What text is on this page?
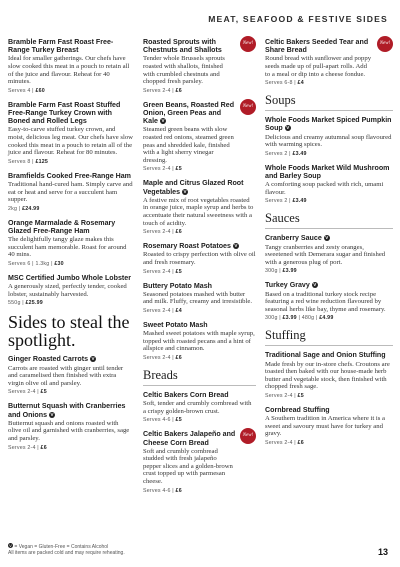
MEAT, SEAFOOD & FESTIVE SIDES
Bramble Farm Fast Roast Free-Range Turkey Breast
Ideal for smaller gatherings. Our chefs have slow cooked this meat in a pouch to retain all of the juice and flavour. Reheat for 40 minutes.
Serves 4 | £60
Bramble Farm Fast Roast Stuffed Free-Range Turkey Crown with Boned and Rolled Legs
Easy-to-carve stuffed turkey crown, and moist, delicious leg meat. Our chefs have slow cooked this meat in a pouch to retain all of the juice and flavour. Reheat for 80 minutes.
Serves 8 | £125
Bramfields Cooked Free-Range Ham
Traditional hand-cured ham. Simply carve and eat or heat and serve for a succulent ham supper.
2kg | £24.99
Orange Marmalade & Rosemary Glazed Free-Range Ham
The delightfully tangy glaze makes this succulent ham memorable. Roast for around 40 mins.
Serves 6 | 1.3kg | £30
MSC Certified Jumbo Whole Lobster
A generously sized, perfectly tender, cooked lobster, sustainably harvested.
550g | £25.99
Sides to steal the spotlight.
Ginger Roasted Carrots V
Carrots are roasted with ginger until tender and caramelised then finished with extra virgin olive oil and parsley.
Serves 2-4 | £5
Butternut Squash with Cranberries and Onions V
Butternut squash and onions roasted with olive oil and garnished with cranberries, sage and parsley.
Serves 2-4 | £6
New!
Roasted Sprouts with Chestnuts and Shallots
Tender whole Brussels sprouts roasted with shallots, finished with crumbled chestnuts and chopped fresh parsley.
Serves 2-4 | £6
New!
Green Beans, Roasted Red Onion, Green Peas and Kale V
Steamed green beans with slow roasted red onions, steamed green peas and shredded kale, finished with a light sherry vinegar dressing.
Serves 2-4 | £5
Maple and Citrus Glazed Root Vegetables V
A festive mix of root vegetables roasted in orange juice, maple syrup and herbs to accentuate their natural sweetness with a touch of acidity.
Serves 2-4 | £6
Rosemary Roast Potatoes V
Roasted to crispy perfection with olive oil and fresh rosemary.
Serves 2-4 | £5
Buttery Potato Mash
Seasoned potatoes mashed with butter and milk. Fluffy, creamy and irresistible.
Serves 2-4 | £4
Sweet Potato Mash
Mashed sweet potatoes with maple syrup, topped with roasted pecans and a hint of allspice and cinnamon.
Serves 2-4 | £6
Breads
Celtic Bakers Corn Bread
Soft, tender and crumbly cornbread with a crispy golden-brown crust.
Serves 4-6 | £5
New!
Celtic Bakers Jalapeño and Cheese Corn Bread
Soft and crumbly cornbread studded with fresh jalapeño pepper slices and a golden-brown crust topped up with parmesan cheese.
Serves 4-6 | £6
New!
Celtic Bakers Seeded Tear and Share Bread
Round bread with sunflower and poppy seeds made up of pull-apart rolls. Add to a meal or dip into a cheese fondue.
Serves 6-8 | £4
Soups
Whole Foods Market Spiced Pumpkin Soup V
Delicious and creamy autumnal soup flavoured with warming spices.
Serves 2 | £3.49
Whole Foods Market Wild Mushroom and Barley Soup
A comforting soup packed with rich, umami flavour.
Serves 2 | £3.49
Sauces
Cranberry Sauce V
Tangy cranberries and zesty oranges, sweetened with Demerara sugar and finished with a generous plug of port.
300g | £3.99
Turkey Gravy V
Based on a traditional turkey stock recipe featuring a red wine reduction flavoured by seasonal herbs like bay, thyme and rosemary.
300g | £3.99 | 480g | £4.99
Stuffing
Traditional Sage and Onion Stuffing
Made fresh by our in-store chefs. Croutons are toasted then baked with our house-made herb butter and vegetable stock, then finished with chopped fresh sage.
Serves 2-4 | £5
Cornbread Stuffing
A Southern tradition in America where it is a sweet and savoury must have for turkey and gravy.
Serves 2-4 | £6
V = Vegan = Gluten-Free = Contains Alcohol
All items are packed cold and may require reheating.	13
